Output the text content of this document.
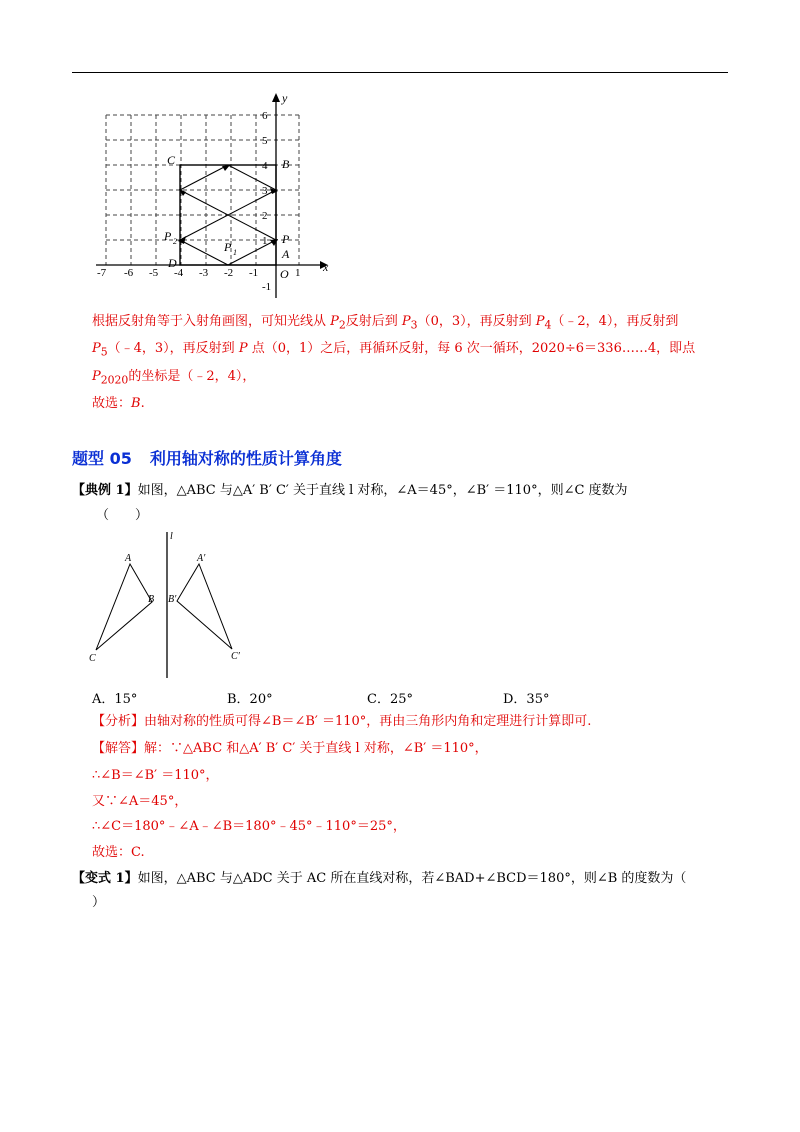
-7 -6 -5 -4 -3 -2 -1	1
6
5
4
3
2
1
-1
x
y
O
C	B
P
A
D
P 1
P 2
根据反射角等于入射角画图，可知光线从 $P_2$反射后到 $P_3(0$，3），再反射到 $P_4(﹣2$，4），再反射到
$P_5(﹣4$，3），再反射到 P 点（0，1）之后，再循环反射，每 6 次一循环，2020÷6＝336……4，即点
$P_{2020}$的坐标是（﹣2，4），
故选：B.
题型 05 利用轴对称的性质计算角度
【典例 1】如图，△ABC 与△A′ B′ C′ 关于直线 l 对称，∠A＝45°，∠B′ ＝110°，则∠C 度数为
（　　）
l
A
B
C
A′
B′
C′
A．15°	B．20°	C．25°	D．35°
【分析】由轴对称的性质可得∠B＝∠B′ ＝110°，再由三角形内角和定理进行计算即可.
【解答】解：∵△ABC 和△A′ B′ C′ 关于直线 l 对称，∠B′ ＝110°，
∴∠B＝∠B′ ＝110°，
又∵∠A＝45°，
∴∠C＝180°﹣∠A﹣∠B＝180°﹣45°﹣110°＝25°，
故选：C.
【变式 1】如图，△ABC 与△ADC 关于 AC 所在直线对称，若∠BAD+∠BCD＝180°，则∠B 的度数为（
）
